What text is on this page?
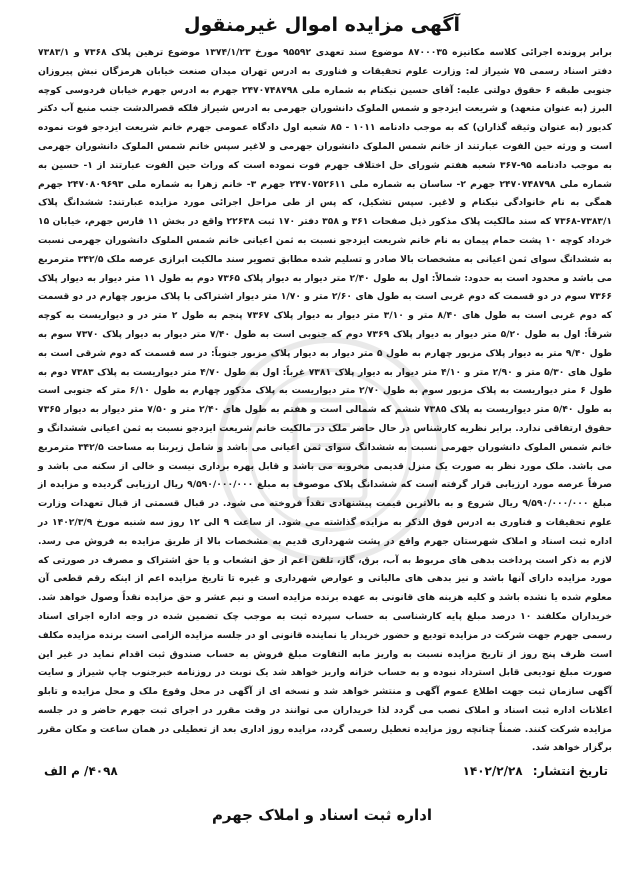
آگهی مزایده اموال غیرمنقول
برابر پرونده اجرائی کلاسه مکانیزه ۸۷۰۰۰۳۵ موضوع سند تعهدی ۹۵۵۹۲ مورخ ۱۳۷۴/۱/۲۳ موضوع ترهین پلاک ۷۳۶۸ و ۷۳۸۳/۱ دفتر اسناد رسمی ۷۵ شیراز له: وزارت علوم تحقیقات و فناوری به ادرس تهران میدان صنعت خیابان هرمزگان نبش پیروزان جنوبی طبقه ۶ حقوق دولتی علیه: آقای حسین نیکنام به شماره ملی ۲۴۷۰۷۴۸۷۹۸ جهرم به ادرس جهرم خیابان فردوسی کوچه البرز (به عنوان متعهد) و شریعت ایزدجو و شمس الملوک دانشوران جهرمی به ادرس شیراز فلکه قصرالدشت جنب منبع آب دکتر کدیور (به عنوان وثیقه گذاران) که به موجب دادنامه ۱۰۱۱ - ۸۵ شعبه اول دادگاه عمومی جهرم خانم شریعت ایزدجو فوت نموده است و ورثه حین الفوت عبارتند از خانم شمس الملوک دانشوران جهرمی و لاغیر سپس خانم شمس الملوک دانشوران جهرمی به موجب دادنامه ۹۵-۳۶۷ شعبه هفتم شورای حل اختلاف جهرم فوت نموده است که وراث حین الفوت عبارتند از ۱- حسین به شماره ملی ۲۴۷۰۷۴۸۷۹۸ جهرم ۲- ساسان به شماره ملی ۲۴۷۰۷۵۲۶۱۱ جهرم ۳- خانم زهرا به شماره ملی ۲۴۷۰۸۰۹۶۹۳ جهرم همگی به نام خانوادگی نیکنام و لاغیر. سپس تشکیل، که پس از طی مراحل اجرائی مورد مزایده عبارتند: ششدانگ پلاک ۷۳۸۳/۱-۷۳۶۸ که سند مالکیت پلاک مذکور ذیل صفحات ۳۶۱ و ۳۵۸ دفتر ۱۷۰ ثبت ۲۲۶۳۸ واقع در بخش ۱۱ فارس جهرم، خیابان ۱۵ خرداد کوچه ۱۰ پشت حمام پیمان به نام خانم شریعت ایزدجو نسبت به ثمن اعیانی خانم شمس الملوک دانشوران جهرمی نسبت به ششدانگ سوای ثمن اعیانی به مشخصات بالا صادر و تسلیم شده مطابق تصویر سند مالکیت ابرازی عرصه ملک ۳۴۲/۵ مترمربع می باشد و محدود است به حدود: شمالاً: اول به طول ۲/۴۰ متر دیوار به دیوار پلاک ۷۳۶۵ دوم به طول ۱۱ متر دیوار به دیوار پلاک ۷۳۶۶ سوم در دو قسمت که دوم غربی است به طول های ۲/۶۰ متر و ۱/۷۰ متر دیوار اشتراکی با پلاک مزبور چهارم در دو قسمت که دوم غربی است به طول های ۸/۴۰ متر و ۳/۱۰ متر دیوار به دیوار پلاک ۷۳۶۷ پنجم به طول ۲ متر در و دیواریست به کوچه شرقاً: اول به طول ۵/۲۰ متر دیوار به دیوار پلاک ۷۳۶۹ دوم که جنوبی است به طول ۷/۴۰ متر دیوار به دیوار پلاک ۷۳۷۰ سوم به طول ۹/۴۰ متر به دیوار پلاک مزبور چهارم به طول ۵ متر دیوار به دیوار پلاک مزبور جنوباً: در سه قسمت که دوم شرقی است به طول های ۵/۳۰ متر و ۲/۹۰ متر و ۴/۱۰ متر دیوار به دیوار پلاک ۷۳۸۱ غرباً: اول به طول ۴/۷۰ متر دیواریست به پلاک ۷۳۸۳ دوم به طول ۶ متر دیواریست به پلاک مزبور سوم به طول ۲/۷۰ متر دیواریست به پلاک مذکور چهارم به طول ۶/۱۰ متر که جنوبی است به طول ۵/۴۰ متر دیواریست به پلاک ۷۳۸۵ ششم که شمالی است و هفتم به طول های ۲/۴۰ متر و ۷/۵۰ متر دیوار به دیوار ۷۳۶۵ حقوق ارتفاقی ندارد. برابر نظریه کارشناس در حال حاضر ملک در مالکیت خانم شریعت ایزدجو نسبت به ثمن اعیانی ششدانگ و خانم شمس الملوک دانشوران جهرمی نسبت به ششدانگ سوای ثمن اعیانی می باشد و شامل زیربنا به مساحت ۳۴۲/۵ مترمربع می باشد. ملک مورد نظر به صورت یک منزل قدیمی مخروبه می باشد و قابل بهره برداری نیست و خالی از سکنه می باشد و صرفاً عرصه مورد ارزیابی قرار گرفته است که ششدانگ پلاک موصوف به مبلغ ۹/۵۹۰/۰۰۰/۰۰۰ ریال ارزیابی گردیده و مزایده از مبلغ ۹/۵۹۰/۰۰۰/۰۰۰ ریال شروع و به بالاترین قیمت پیشنهادی نقداً فروخته می شود. در قبال قسمتی از قبال تعهدات وزارت علوم تحقیقات و فناوری به ادرس فوق الذکر به مزایده گذاشته می شود. از ساعت ۹ الی ۱۲ روز سه شنبه مورخ ۱۴۰۲/۳/۹ در اداره ثبت اسناد و املاک شهرستان جهرم واقع در پشت شهرداری قدیم به مشخصات بالا از طریق مزایده به فروش می رسد. لازم به ذکر است پرداخت بدهی های مربوط به آب، برق، گاز، تلفن اعم از حق انشعاب و یا حق اشتراک و مصرف در صورتی که مورد مزایده دارای آنها باشد و نیز بدهی های مالیاتی و عوارض شهرداری و غیره تا تاریخ مزایده اعم از اینکه رقم قطعی آن معلوم شده یا نشده باشد و کلیه هزینه های قانونی به عهده برنده مزایده است و نیم عشر و حق مزایده نقداً وصول خواهد شد. خریداران مکلفند ۱۰ درصد مبلغ پایه کارشناسی به حساب سپرده ثبت به موجب چک تضمین شده در وجه اداره اجرای اسناد رسمی جهرم جهت شرکت در مزایده تودیع و حضور خریدار یا نماینده قانونی او در جلسه مزایده الزامی است برنده مزایده مکلف است ظرف پنج روز از تاریخ مزایده نسبت به واریز مابه التفاوت مبلغ فروش به حساب صندوق ثبت اقدام نماید در غیر این صورت مبلغ تودیعی قابل استرداد نبوده و به حساب خزانه واریز خواهد شد یک نوبت در روزنامه خبرجنوب چاپ شیراز و سایت آگهی سازمان ثبت جهت اطلاع عموم آگهی و منتشر خواهد شد و نسخه ای از آگهی در محل وقوع ملک و محل مزایده و تابلو اعلانات اداره ثبت اسناد و املاک نصب می گردد لذا خریداران می توانند در وقت مقرر در اجرای ثبت جهرم حاضر و در جلسه مزایده شرکت کنند. ضمناً چنانچه روز مزایده تعطیل رسمی گردد، مزایده روز اداری بعد از تعطیلی در همان ساعت و مکان مقرر برگزار خواهد شد.
تاریخ انتشار: ۱۴۰۲/۲/۲۸
۴۰۹۸/ م الف
اداره ثبت اسناد و املاک جهرم
